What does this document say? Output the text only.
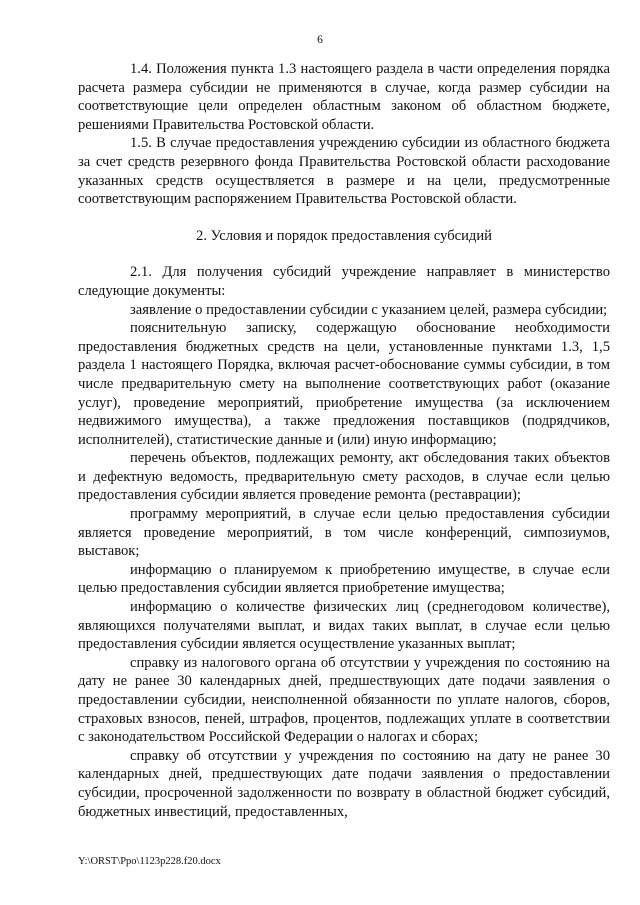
6

1.4. Положения пункта 1.3 настоящего раздела в части определения порядка расчета размера субсидии не применяются в случае, когда размер субсидии на соответствующие цели определен областным законом об областном бюджете, решениями Правительства Ростовской области.

1.5. В случае предоставления учреждению субсидии из областного бюджета за счет средств резервного фонда Правительства Ростовской области расходование указанных средств осуществляется в размере и на цели, предусмотренные соответствующим распоряжением Правительства Ростовской области.

2. Условия и порядок предоставления субсидий

2.1. Для получения субсидий учреждение направляет в министерство следующие документы:

заявление о предоставлении субсидии с указанием целей, размера субсидии;

пояснительную записку, содержащую обоснование необходимости предоставления бюджетных средств на цели, установленные пунктами 1.3, 1,5 раздела 1 настоящего Порядка, включая расчет-обоснование суммы субсидии, в том числе предварительную смету на выполнение соответствующих работ (оказание услуг), проведение мероприятий, приобретение имущества (за исключением недвижимого имущества), а также предложения поставщиков (подрядчиков, исполнителей), статистические данные и (или) иную информацию;

перечень объектов, подлежащих ремонту, акт обследования таких объектов и дефектную ведомость, предварительную смету расходов, в случае если целью предоставления субсидии является проведение ремонта (реставрации);

программу мероприятий, в случае если целью предоставления субсидии является проведение мероприятий, в том числе конференций, симпозиумов, выставок;

информацию о планируемом к приобретению имуществе, в случае если целью предоставления субсидии является приобретение имущества;

информацию о количестве физических лиц (среднегодовом количестве), являющихся получателями выплат, и видах таких выплат, в случае если целью предоставления субсидии является осуществление указанных выплат;

справку из налогового органа об отсутствии у учреждения по состоянию на дату не ранее 30 календарных дней, предшествующих дате подачи заявления о предоставлении субсидии, неисполненной обязанности по уплате налогов, сборов, страховых взносов, пеней, штрафов, процентов, подлежащих уплате в соответствии с законодательством Российской Федерации о налогах и сборах;

справку об отсутствии у учреждения по состоянию на дату не ранее 30 календарных дней, предшествующих дате подачи заявления о предоставлении субсидии, просроченной задолженности по возврату в областной бюджет субсидий, бюджетных инвестиций, предоставленных,

Y:\ORST\Ppo\1123p228.f20.docx
